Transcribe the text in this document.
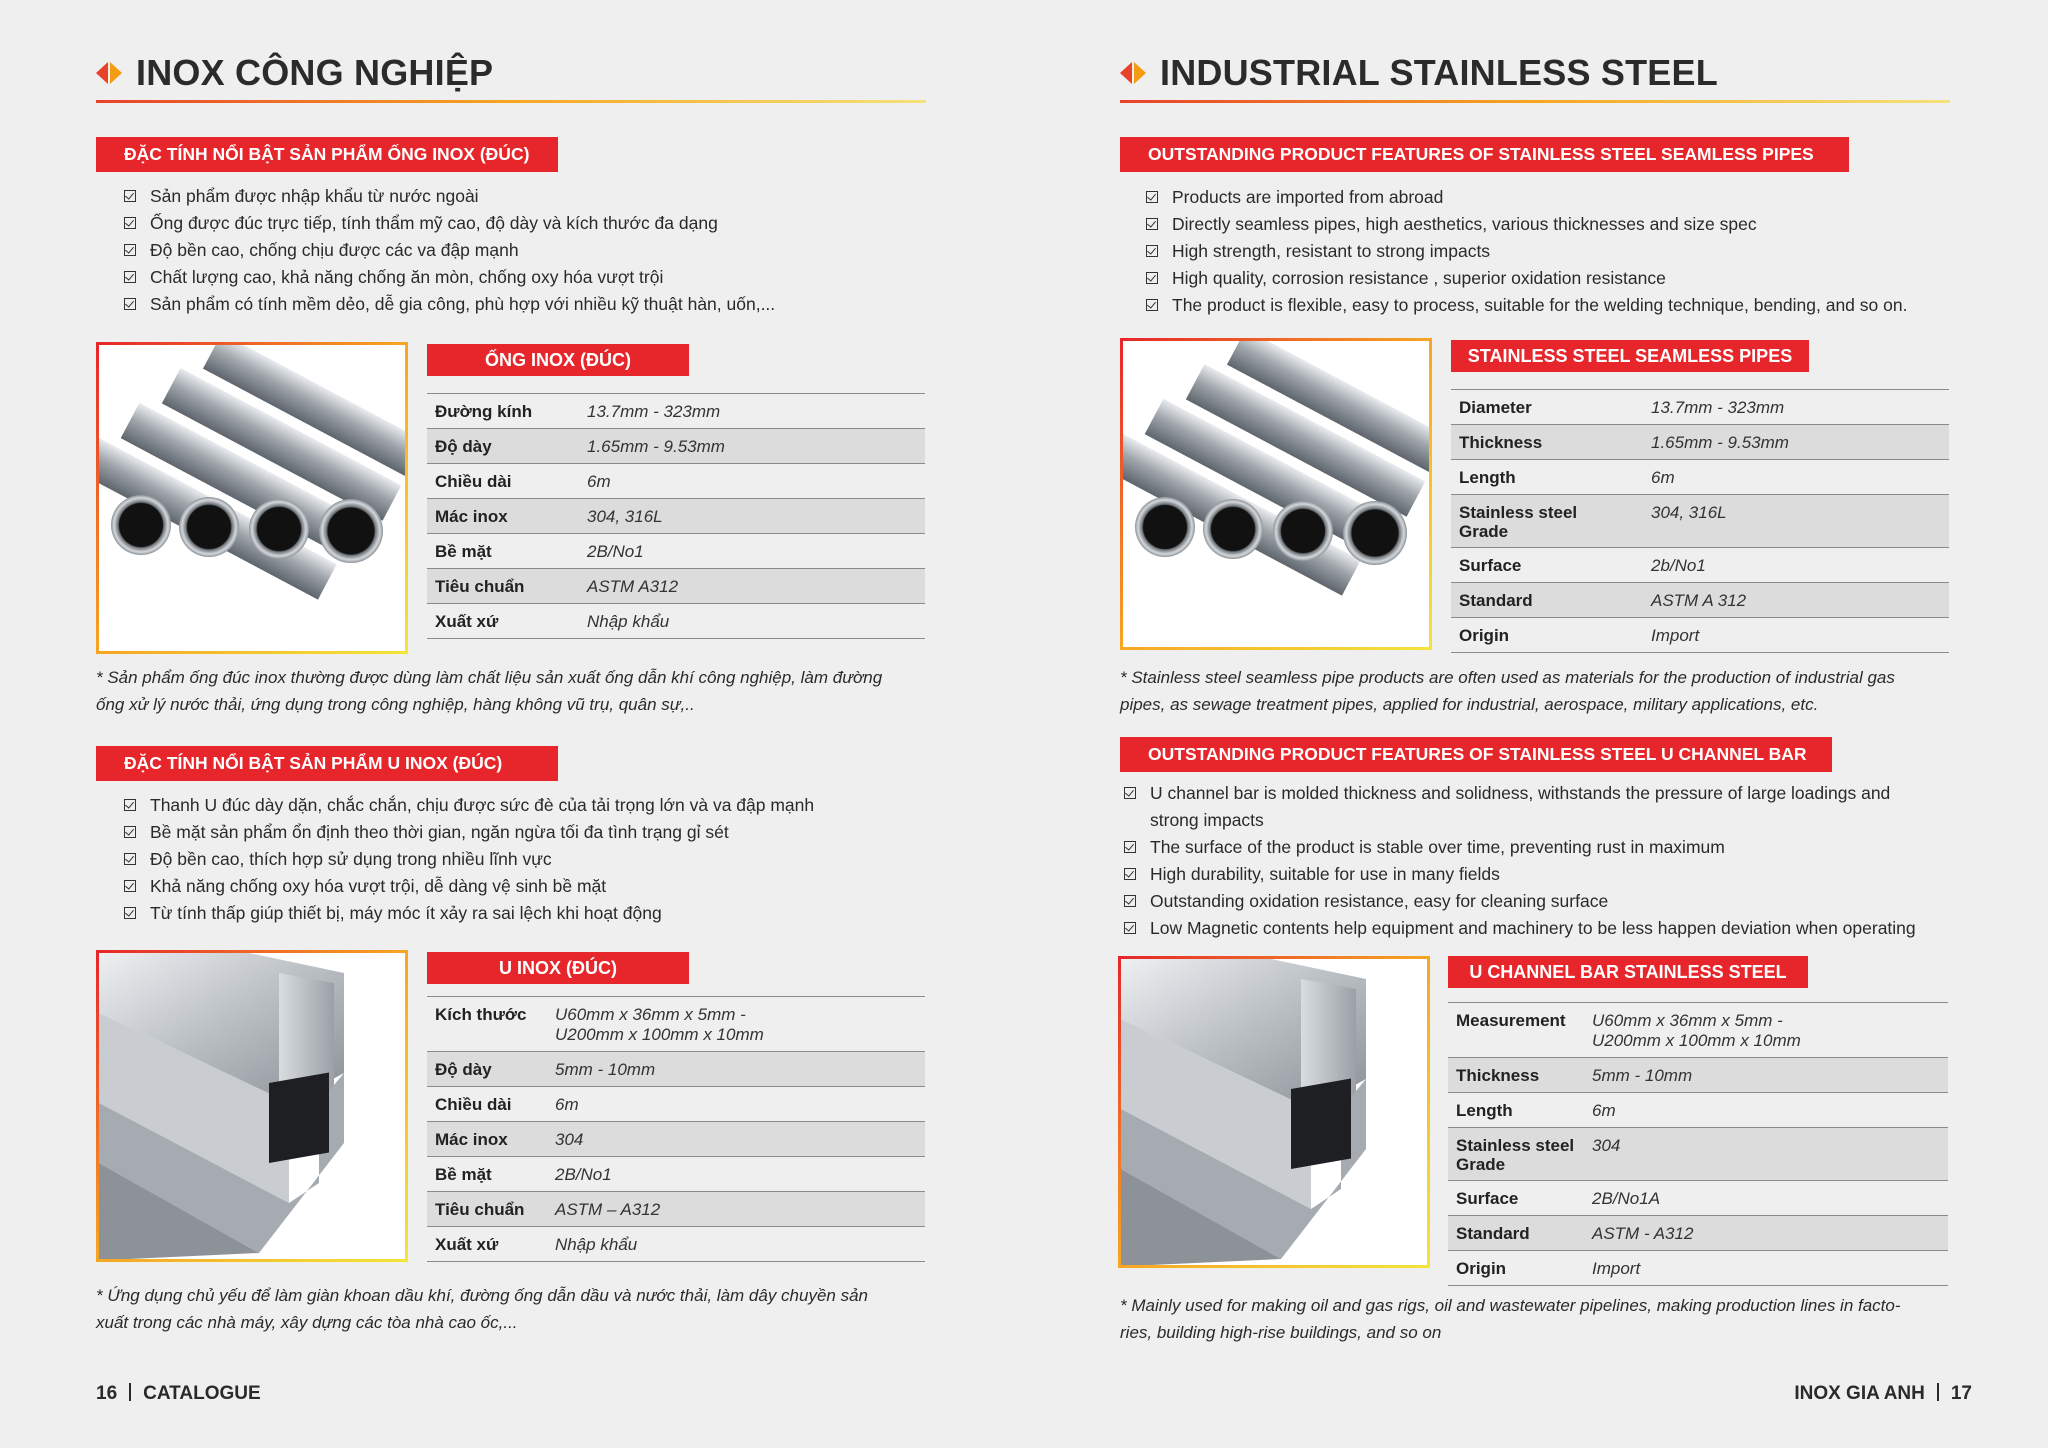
INOX CÔNG NGHIỆP
ĐẶC TÍNH NỔI BẬT SẢN PHẨM ỐNG INOX (ĐÚC)
Sản phẩm được nhập khẩu từ nước ngoài
Ống được đúc trực tiếp, tính thẩm mỹ cao, độ dày và kích thước đa dạng
Độ bền cao, chống chịu được các va đập mạnh
Chất lượng cao, khả năng chống ăn mòn, chống oxy hóa vượt trội
Sản phẩm có tính mềm dẻo, dễ gia công, phù hợp với nhiều kỹ thuật hàn, uốn,...
ỐNG INOX (ĐÚC)
Đường kính	13.7mm - 323mm
Độ dày	1.65mm - 9.53mm
Chiều dài	6m
Mác inox	304, 316L
Bề mặt	2B/No1
Tiêu chuẩn	ASTM A312
Xuất xứ	Nhập khẩu
* Sản phẩm ống đúc inox thường được dùng làm chất liệu sản xuất ống dẫn khí công nghiệp, làm đường
ống xử lý nước thải, ứng dụng trong công nghiệp, hàng không vũ trụ, quân sự,..
ĐẶC TÍNH NỔI BẬT SẢN PHẨM U INOX (ĐÚC)
Thanh U đúc dày dặn, chắc chắn, chịu được sức đè của tải trọng lớn và va đập mạnh
Bề mặt sản phẩm ổn định theo thời gian, ngăn ngừa tối đa tình trạng gỉ sét
Độ bền cao, thích hợp sử dụng trong nhiều lĩnh vực
Khả năng chống oxy hóa vượt trội, dễ dàng vệ sinh bề mặt
Từ tính thấp giúp thiết bị, máy móc ít xảy ra sai lệch khi hoạt động
U INOX (ĐÚC)
Kích thước	U60mm x 36mm x 5mm -
U200mm x 100mm x 10mm

Độ dày	5mm - 10mm
Chiều dài	6m
Mác inox	304
Bề mặt	2B/No1
Tiêu chuẩn	ASTM – A312
Xuất xứ	Nhập khẩu
* Ứng dụng chủ yếu để làm giàn khoan dầu khí, đường ống dẫn dầu và nước thải, làm dây chuyền sản
xuất trong các nhà máy, xây dựng các tòa nhà cao ốc,...
16 CATALOGUE
INDUSTRIAL STAINLESS STEEL
OUTSTANDING PRODUCT FEATURES OF STAINLESS STEEL SEAMLESS PIPES
Products are imported from abroad
Directly seamless pipes, high aesthetics, various thicknesses and size spec
High strength, resistant to strong impacts
High quality, corrosion resistance , superior oxidation resistance
The product is flexible, easy to process, suitable for the welding technique, bending, and so on.
STAINLESS STEEL SEAMLESS PIPES
Diameter	13.7mm - 323mm
Thickness	1.65mm - 9.53mm
Length	6m

Stainless steel
Grade	304, 316L
Surface	2b/No1
Standard	ASTM A 312
Origin	Import
* Stainless steel seamless pipe products are often used as materials for the production of industrial gas
pipes, as sewage treatment pipes, applied for industrial, aerospace, military applications, etc.
OUTSTANDING PRODUCT FEATURES OF STAINLESS STEEL U CHANNEL BAR
U channel bar is molded thickness and solidness, withstands the pressure of large loadings and
strong impacts
The surface of the product is stable over time, preventing rust in maximum
High durability, suitable for use in many fields
Outstanding oxidation resistance, easy for cleaning surface
Low Magnetic contents help equipment and machinery to be less happen deviation when operating
U CHANNEL BAR STAINLESS STEEL
Measurement	U60mm x 36mm x 5mm -
U200mm x 100mm x 10mm

Thickness	5mm - 10mm
Length	6m

Stainless steel
Grade	304
Surface	2B/No1A
Standard	ASTM - A312
Origin	Import
* Mainly used for making oil and gas rigs, oil and wastewater pipelines, making production lines in facto-
ries, building high-rise buildings, and so on
INOX GIA ANH 17
